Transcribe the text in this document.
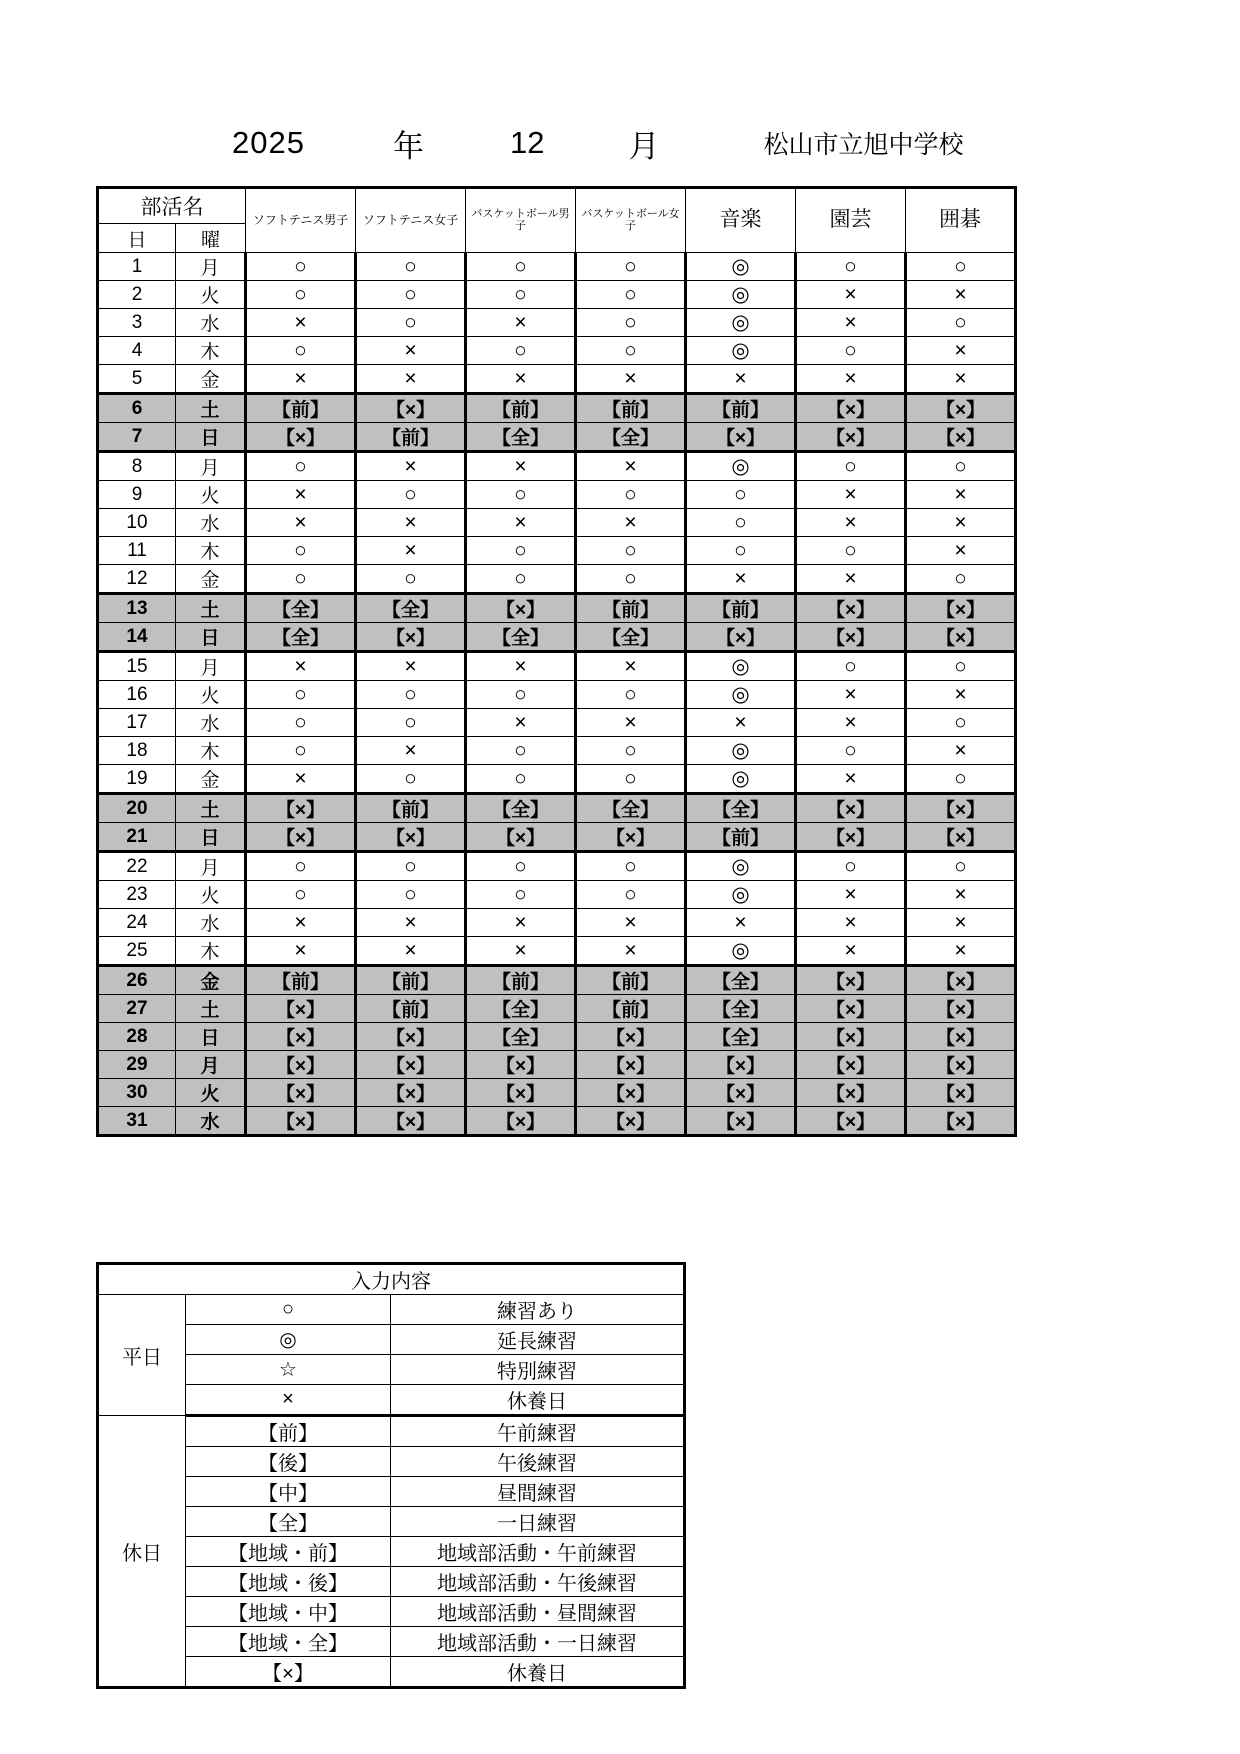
2025	年	12	月	松山市立旭中学校
部活名		ソフトテニス男子	ソフトテニス女子	バスケットボール男子	バスケットボール女子	音楽	園芸	囲碁
日	曜							
1	月	○	○	○	○	◎	○	○
2	火	○	○	○	○	◎	×	×
3	水	×	○	×	○	◎	×	○
4	木	○	×	○	○	◎	○	×
5	金	×	×	×	×	×	×	×
6	土	【前】	【×】	【前】	【前】	【前】	【×】	【×】
7	日	【×】	【前】	【全】	【全】	【×】	【×】	【×】
8	月	○	×	×	×	◎	○	○
9	火	×	○	○	○	○	×	×
10	水	×	×	×	×	○	×	×
11	木	○	×	○	○	○	○	×
12	金	○	○	○	○	×	×	○
13	土	【全】	【全】	【×】	【前】	【前】	【×】	【×】
14	日	【全】	【×】	【全】	【全】	【×】	【×】	【×】
15	月	×	×	×	×	◎	○	○
16	火	○	○	○	○	◎	×	×
17	水	○	○	×	×	×	×	○
18	木	○	×	○	○	◎	○	×
19	金	×	○	○	○	◎	×	○
20	土	【×】	【前】	【全】	【全】	【全】	【×】	【×】
21	日	【×】	【×】	【×】	【×】	【前】	【×】	【×】
22	月	○	○	○	○	◎	○	○
23	火	○	○	○	○	◎	×	×
24	水	×	×	×	×	×	×	×
25	木	×	×	×	×	◎	×	×
26	金	【前】	【前】	【前】	【前】	【全】	【×】	【×】
27	土	【×】	【前】	【全】	【前】	【全】	【×】	【×】
28	日	【×】	【×】	【全】	【×】	【全】	【×】	【×】
29	月	【×】	【×】	【×】	【×】	【×】	【×】	【×】
30	火	【×】	【×】	【×】	【×】	【×】	【×】	【×】
31	水	【×】	【×】	【×】	【×】	【×】	【×】	【×】
入力内容		
平日	○	練習あり
	◎	延長練習
	☆	特別練習
	×	休養日
休日	【前】	午前練習
	【後】	午後練習
	【中】	昼間練習
	【全】	一日練習
	【地域・前】	地域部活動・午前練習
	【地域・後】	地域部活動・午後練習
	【地域・中】	地域部活動・昼間練習
	【地域・全】	地域部活動・一日練習
	【×】	休養日
